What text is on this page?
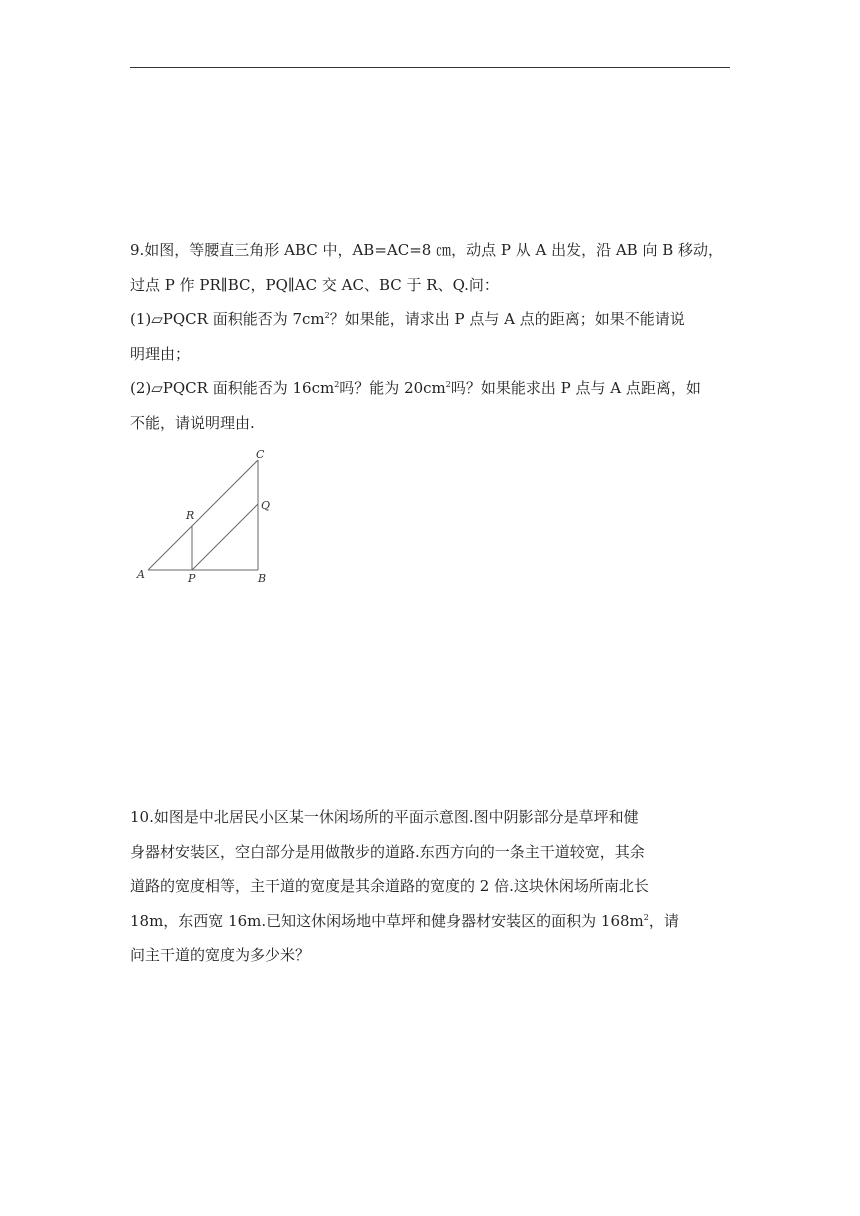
9.如图，等腰直三角形 ABC 中，AB=AC=8 ㎝，动点 P 从 A 出发，沿 AB 向 B 移动，

过点 P 作 PR∥BC，PQ∥AC 交 AC、BC 于 R、Q.问：

(1)▱PQCR 面积能否为 $7cm^2$？如果能，请求出 P 点与 A 点的距离；如果不能请说

明理由；

(2)▱PQCR 面积能否为 $16cm^2$吗？能为 $20cm^2$吗？如果能求出 P 点与 A 点距离，如

不能，请说明理由.

C
Q
R
A	P	B

10.如图是中北居民小区某一休闲场所的平面示意图.图中阴影部分是草坪和健

身器材安装区，空白部分是用做散步的道路.东西方向的一条主干道较宽，其余

道路的宽度相等，主干道的宽度是其余道路的宽度的 2 倍.这块休闲场所南北长

18m，东西宽 16m.已知这休闲场地中草坪和健身器材安装区的面积为 $168m^2$，请

问主干道的宽度为多少米？
